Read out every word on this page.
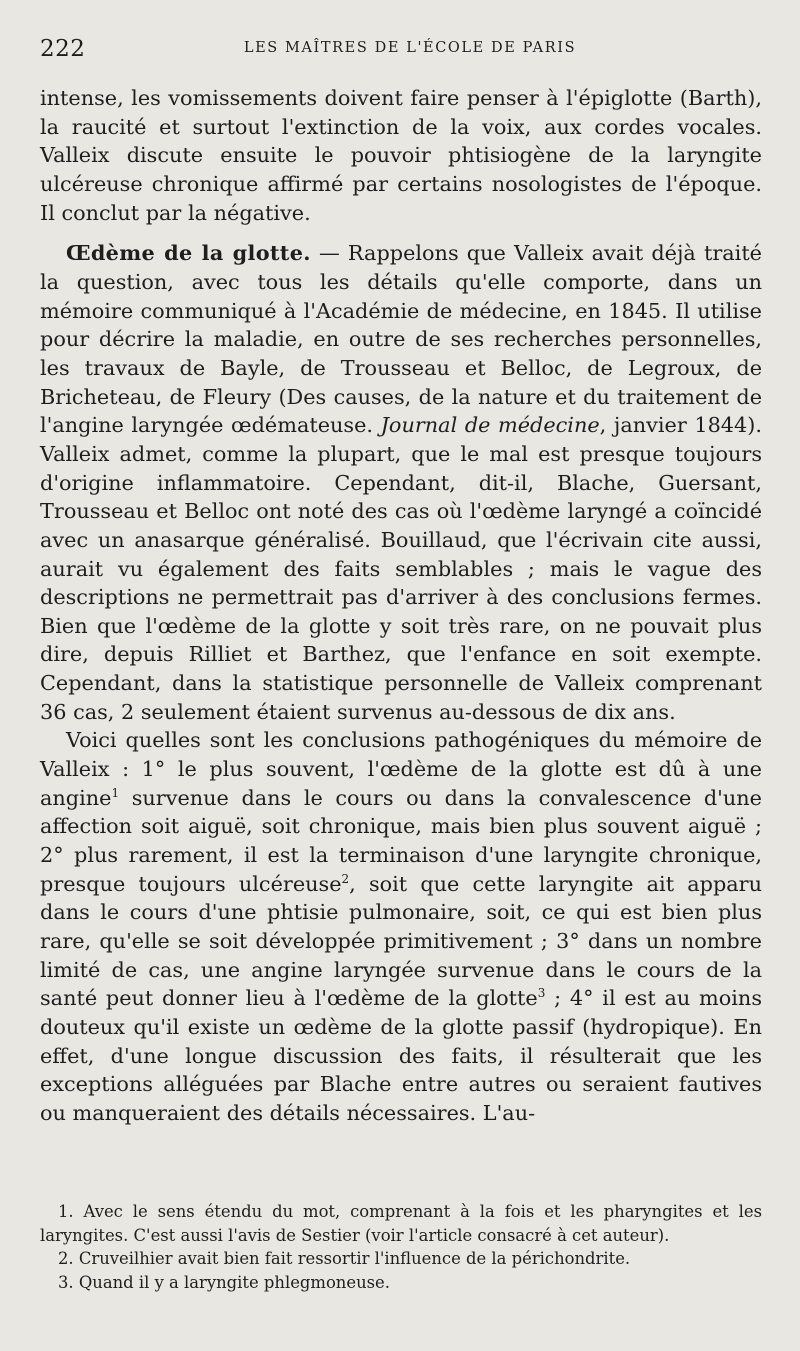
222	LES MAÎTRES DE L'ÉCOLE DE PARIS

intense, les vomissements doivent faire penser à l'épiglotte (Barth), la raucité et surtout l'extinction de la voix, aux cordes vocales. Valleix discute ensuite le pouvoir phtisiogène de la laryngite ulcéreuse chronique affirmé par certains nosologistes de l'époque. Il conclut par la négative.

Œdème de la glotte. — Rappelons que Valleix avait déjà traité la question, avec tous les détails qu'elle comporte, dans un mémoire communiqué à l'Académie de médecine, en 1845. Il utilise pour décrire la maladie, en outre de ses recherches personnelles, les travaux de Bayle, de Trousseau et Belloc, de Legroux, de Bricheteau, de Fleury (Des causes, de la nature et du traitement de l'angine laryngée œdémateuse. Journal de médecine, janvier 1844). Valleix admet, comme la plupart, que le mal est presque toujours d'origine inflammatoire. Cependant, dit-il, Blache, Guersant, Trousseau et Belloc ont noté des cas où l'œdème laryngé a coïncidé avec un anasarque généralisé. Bouillaud, que l'écrivain cite aussi, aurait vu également des faits semblables ; mais le vague des descriptions ne permettrait pas d'arriver à des conclusions fermes. Bien que l'œdème de la glotte y soit très rare, on ne pouvait plus dire, depuis Rilliet et Barthez, que l'enfance en soit exempte. Cependant, dans la statistique personnelle de Valleix comprenant 36 cas, 2 seulement étaient survenus au-dessous de dix ans.

Voici quelles sont les conclusions pathogéniques du mémoire de Valleix : 1° le plus souvent, l'œdème de la glotte est dû à une angine$^1$ survenue dans le cours ou dans la convalescence d'une affection soit aiguë, soit chronique, mais bien plus souvent aiguë ; 2° plus rarement, il est la terminaison d'une laryngite chronique, presque toujours ulcéreuse$^2$, soit que cette laryngite ait apparu dans le cours d'une phtisie pulmonaire, soit, ce qui est bien plus rare, qu'elle se soit développée primitivement ; 3° dans un nombre limité de cas, une angine laryngée survenue dans le cours de la santé peut donner lieu à l'œdème de la glotte$^3$ ; 4° il est au moins douteux qu'il existe un œdème de la glotte passif (hydropique). En effet, d'une longue discussion des faits, il résulterait que les exceptions alléguées par Blache entre autres ou seraient fautives ou manqueraient des détails nécessaires. L'au-

1. Avec le sens étendu du mot, comprenant à la fois et les pharyngites et les laryngites. C'est aussi l'avis de Sestier (voir l'article consacré à cet auteur).

2. Cruveilhier avait bien fait ressortir l'influence de la périchondrite.

3. Quand il y a laryngite phlegmoneuse.
